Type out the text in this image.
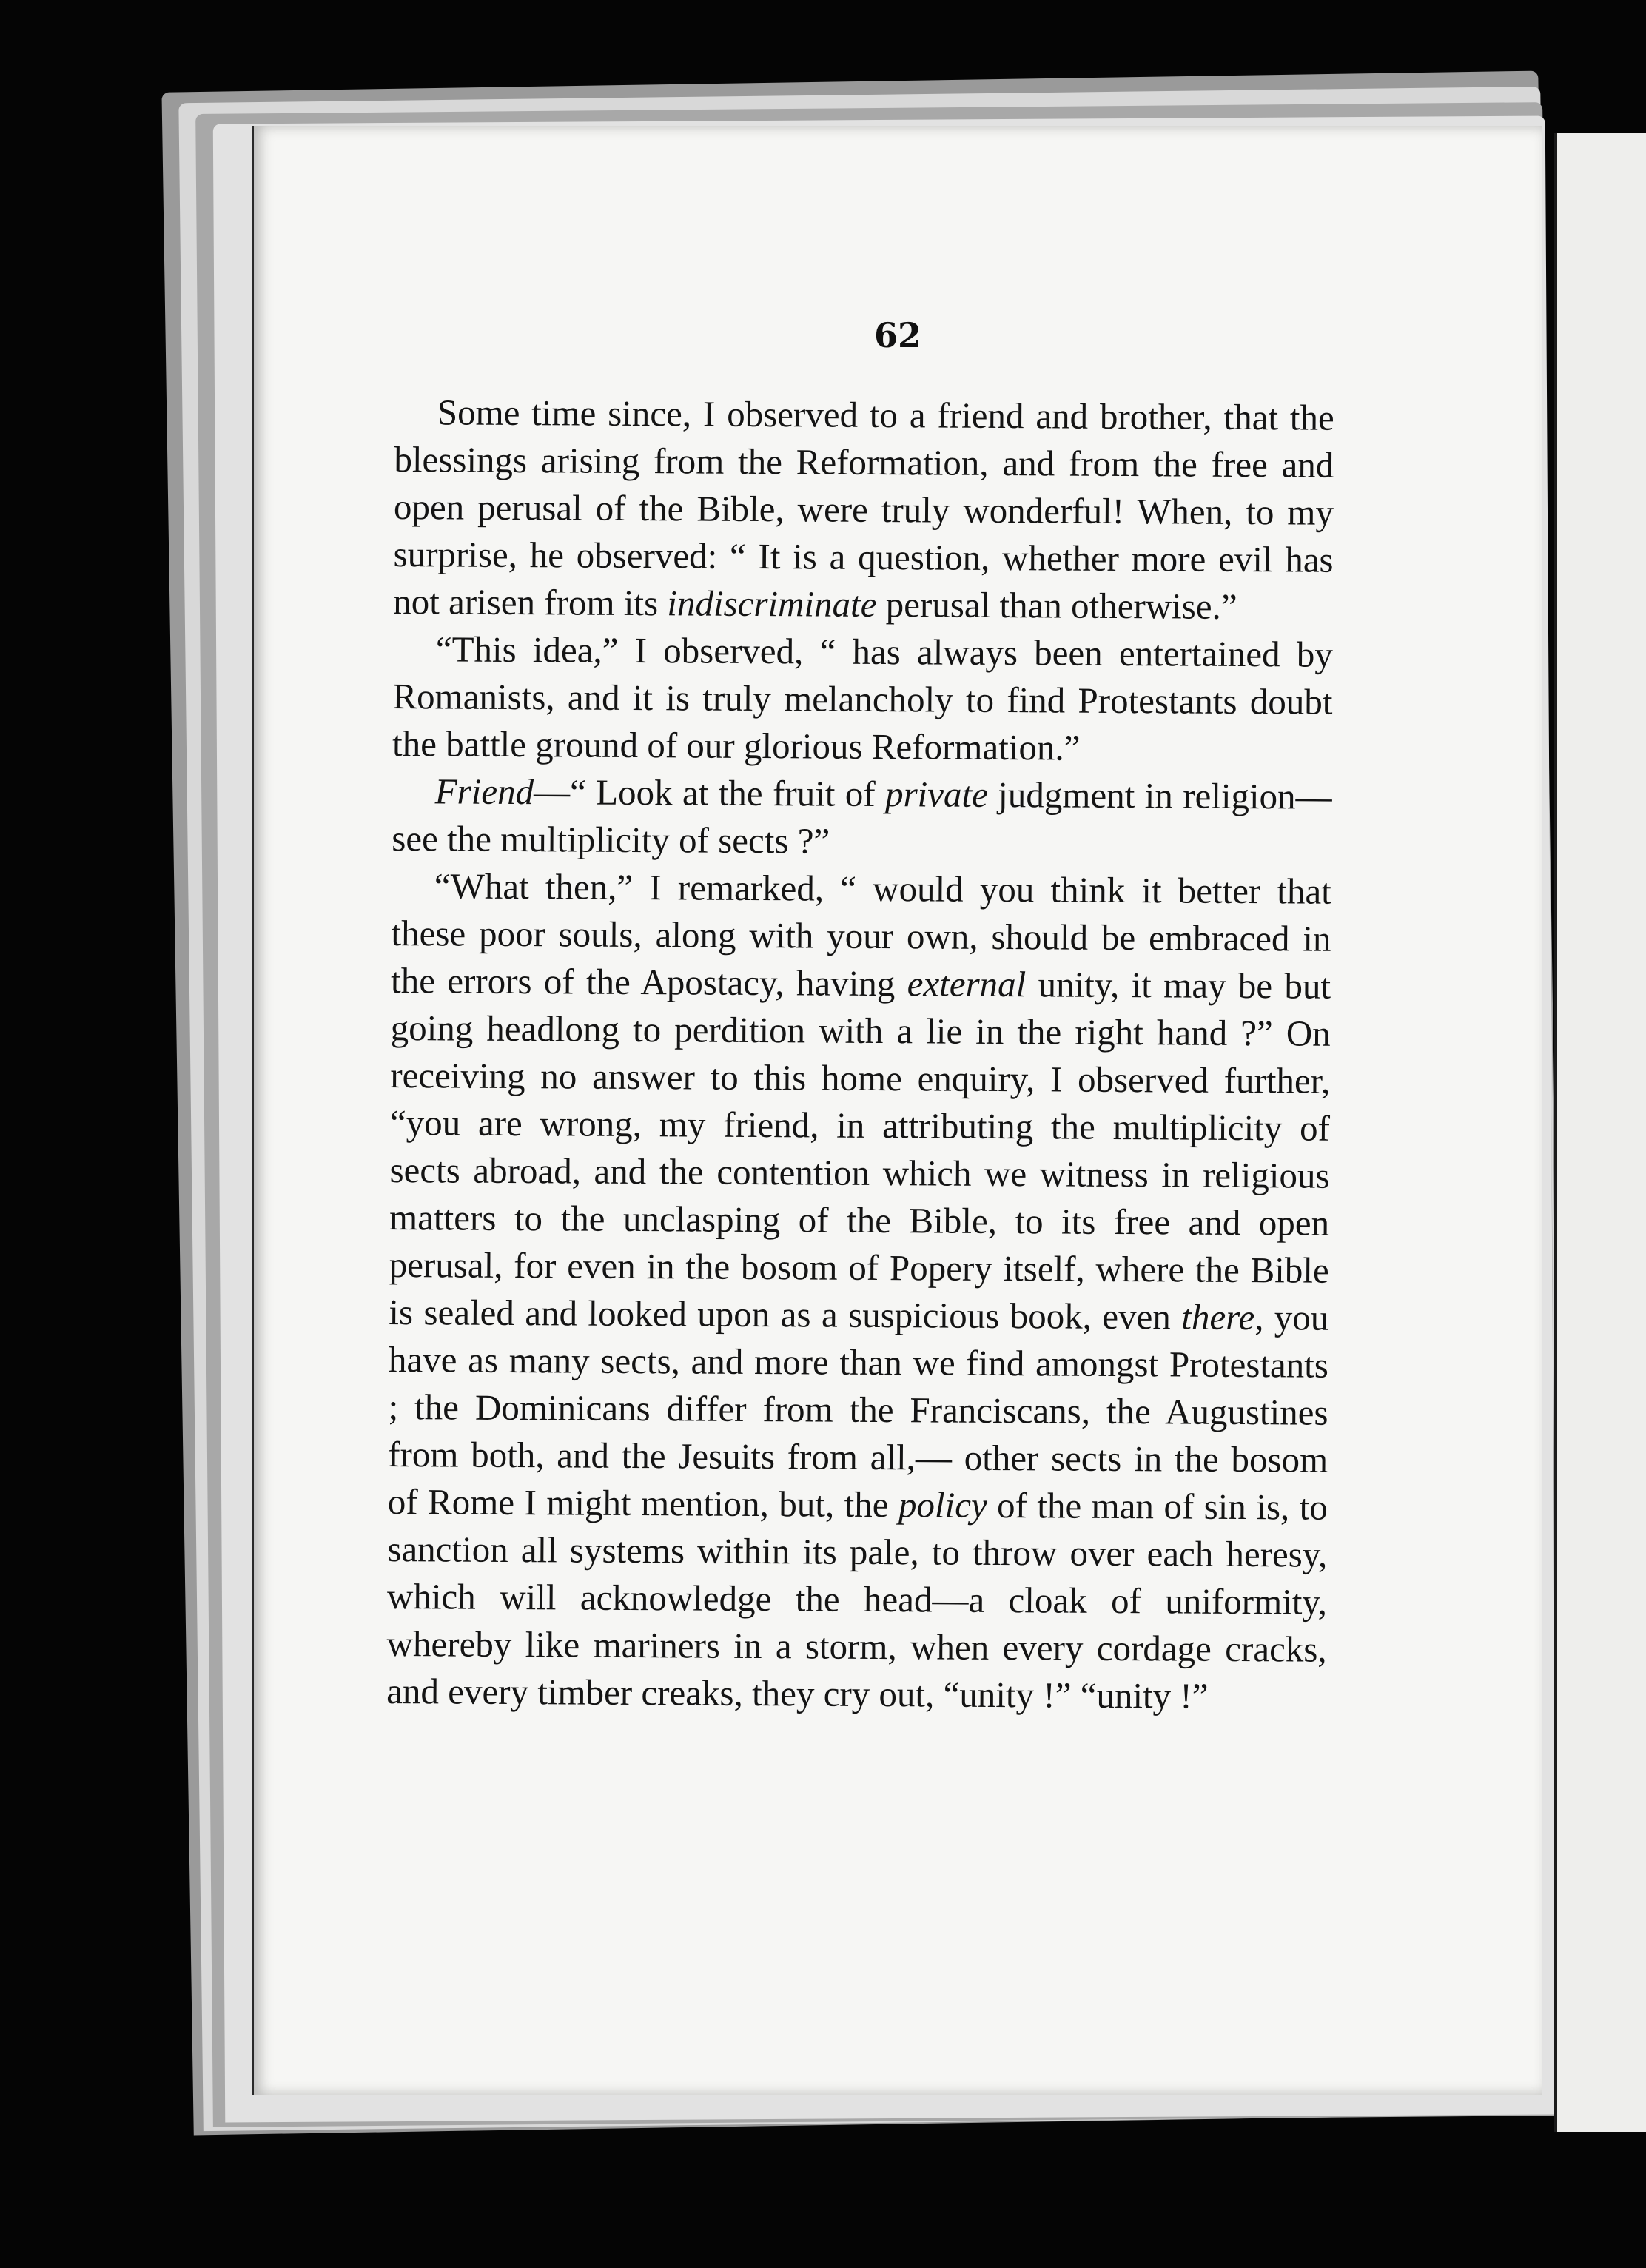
62

Some time since, I observed to a friend and brother, that the blessings arising from the Reformation, and from the free and open perusal of the Bible, were truly wonderful! When, to my surprise, he observed: “ It is a question, whether more evil has not arisen from its indiscriminate perusal than otherwise.”

“This idea,” I observed, “ has always been entertained by Romanists, and it is truly melancholy to find Protestants doubt the battle ground of our glorious Reformation.”

Friend—“ Look at the fruit of private judgment in religion—see the multiplicity of sects ?”

“What then,” I remarked, “ would you think it better that these poor souls, along with your own, should be embraced in the errors of the Apostacy, having external unity, it may be but going headlong to perdition with a lie in the right hand ?” On receiving no answer to this home enquiry, I observed further, “you are wrong, my friend, in attributing the multiplicity of sects abroad, and the contention which we witness in religious matters to the unclasping of the Bible, to its free and open perusal, for even in the bosom of Popery itself, where the Bible is sealed and looked upon as a suspicious book, even there, you have as many sects, and more than we find amongst Protestants ; the Dominicans differ from the Franciscans, the Augustines from both, and the Jesuits from all,— other sects in the bosom of Rome I might mention, but, the policy of the man of sin is, to sanction all systems within its pale, to throw over each heresy, which will acknowledge the head—a cloak of uniformity, whereby like mariners in a storm, when every cordage cracks, and every timber creaks, they cry out, “unity !” “unity !”
